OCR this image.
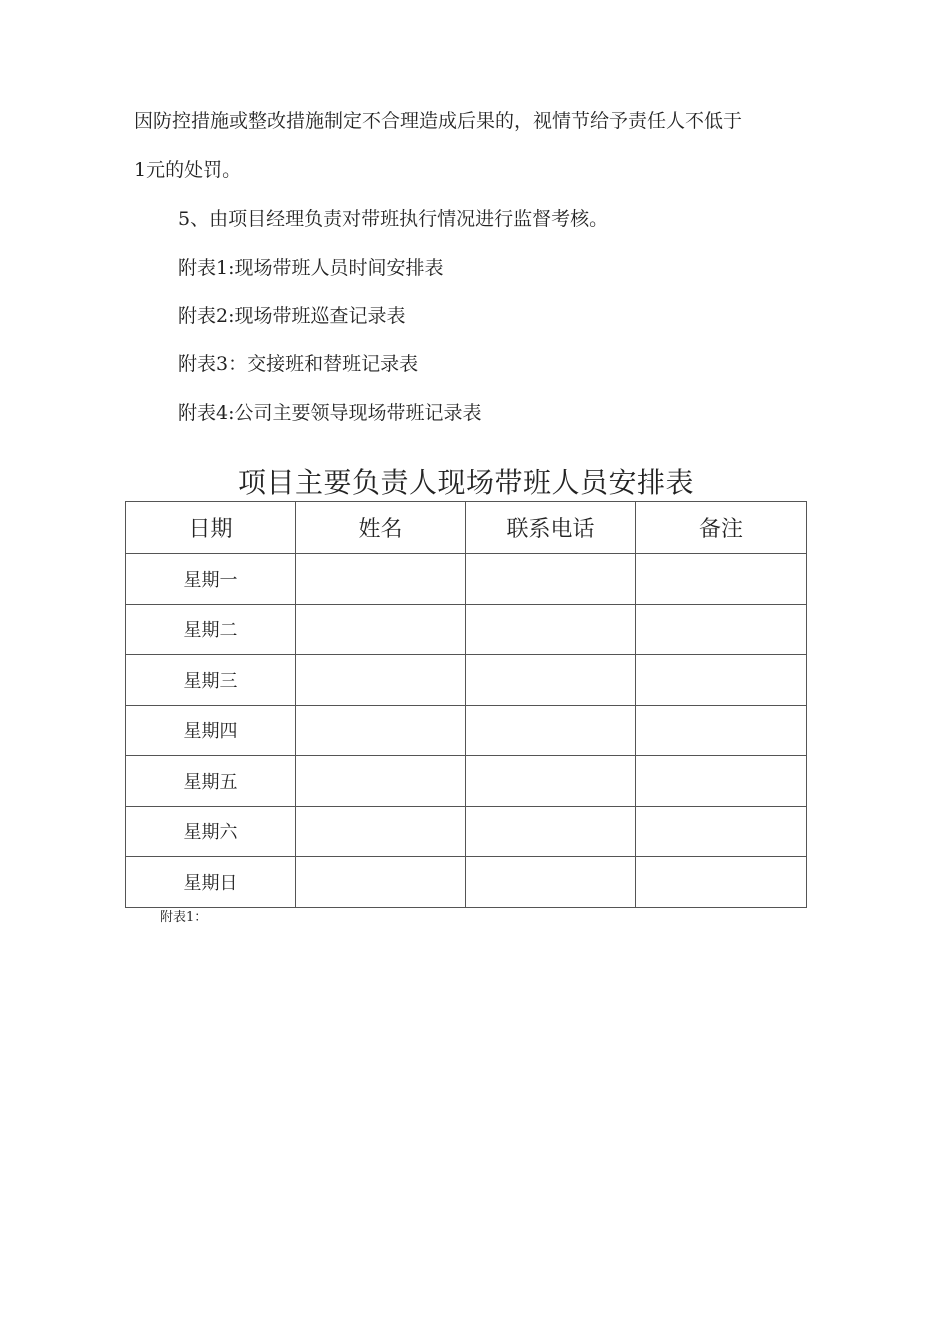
因防控措施或整改措施制定不合理造成后果的，视情节给予责任人不低于
1元的处罚。
5、由项目经理负责对带班执行情况进行监督考核。
附表1:现场带班人员时间安排表
附表2:现场带班巡查记录表
附表3：交接班和替班记录表
附表4:公司主要领导现场带班记录表
项目主要负责人现场带班人员安排表
日期	姓名	联系电话	备注
星期一			
星期二			
星期三			
星期四			
星期五			
星期六			
星期日			
附表1：
